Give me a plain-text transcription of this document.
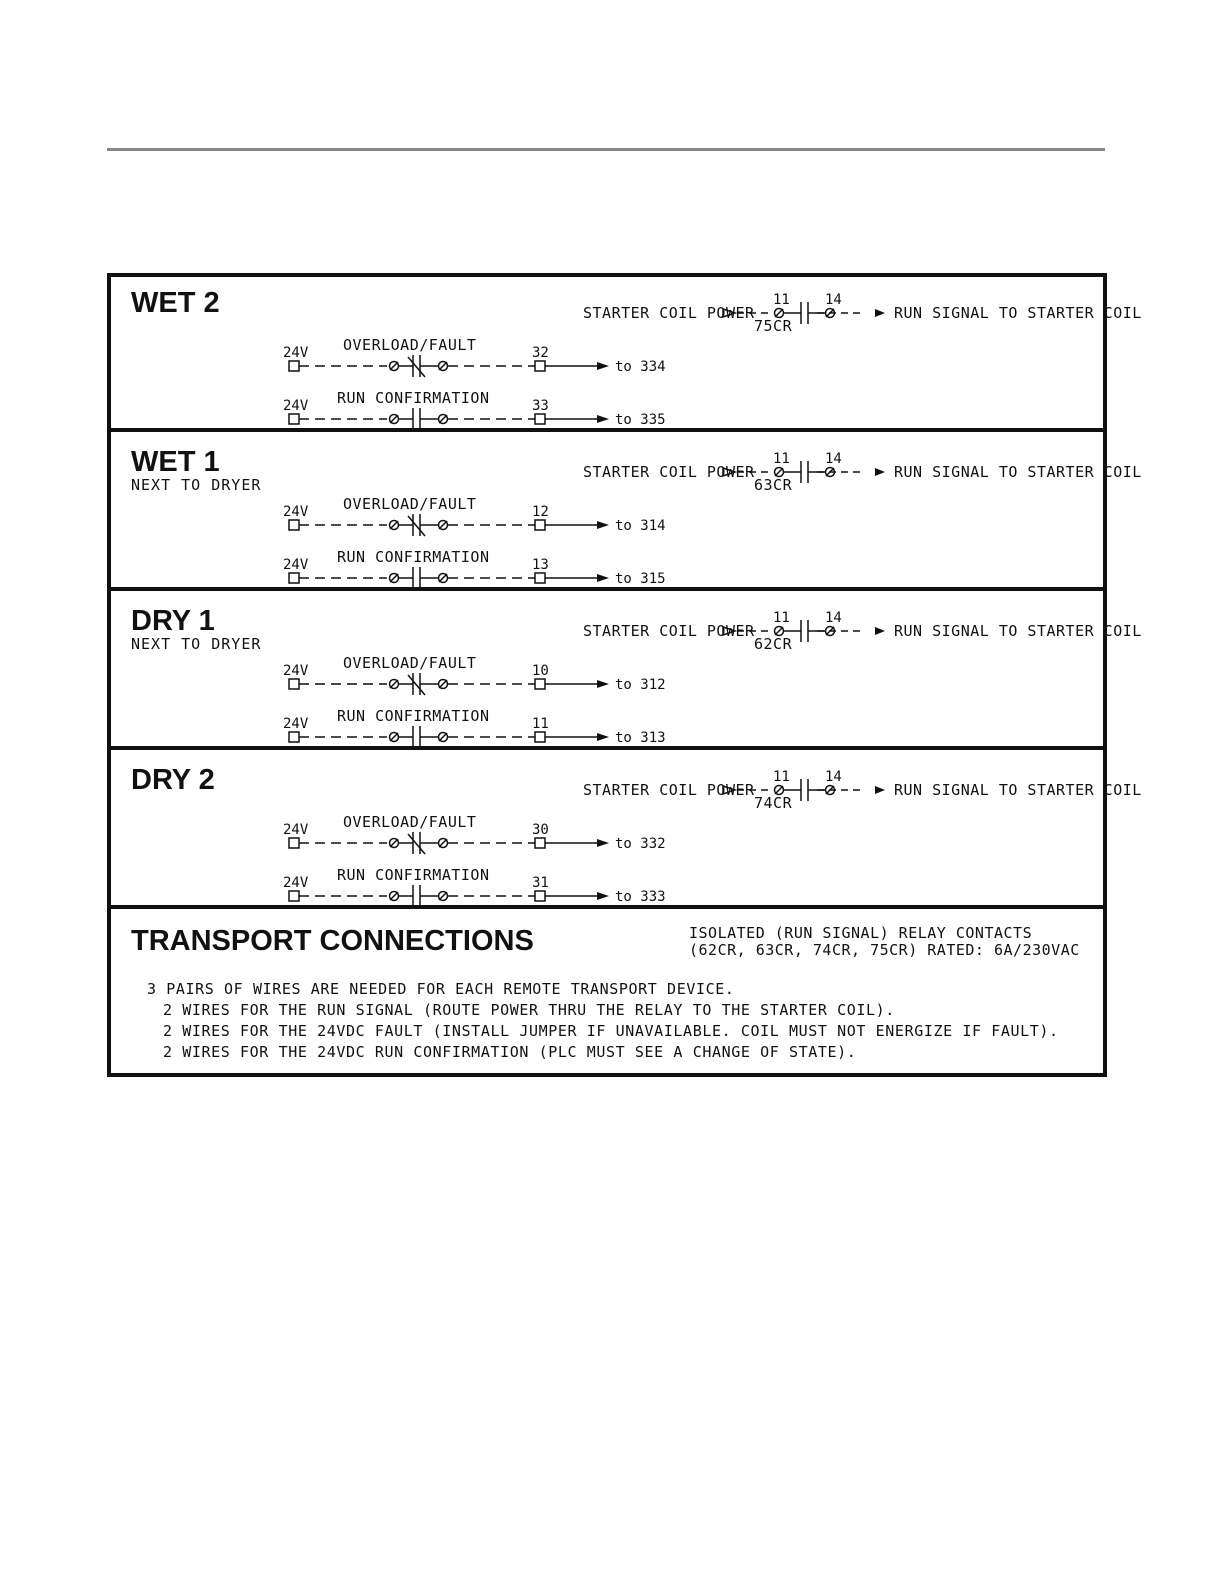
WET 2	STARTER COIL POWER
11	14
75CR
RUN SIGNAL TO STARTER COIL
24V OVERLOAD/FAULT	32
to 334
24V RUN CONFIRMATION	33
to 335
WET 1
NEXT TO DRYER
STARTER COIL POWER
11	14
63CR
RUN SIGNAL TO STARTER COIL
24V OVERLOAD/FAULT	12
to 314
24V RUN CONFIRMATION	13
to 315
DRY 1
NEXT TO DRYER
STARTER COIL POWER
11	14
62CR
RUN SIGNAL TO STARTER COIL
24V OVERLOAD/FAULT	10
to 312
24V RUN CONFIRMATION	11
to 313
DRY 2	STARTER COIL POWER
11	14
74CR
RUN SIGNAL TO STARTER COIL
24V OVERLOAD/FAULT	30
to 332
24V RUN CONFIRMATION	31
to 333
TRANSPORT CONNECTIONS	ISOLATED (RUN SIGNAL) RELAY CONTACTS
(62CR, 63CR, 74CR, 75CR) RATED: 6A/230VAC
3 PAIRS OF WIRES ARE NEEDED FOR EACH REMOTE TRANSPORT DEVICE.
2 WIRES FOR THE RUN SIGNAL (ROUTE POWER THRU THE RELAY TO THE STARTER COIL).
2 WIRES FOR THE 24VDC FAULT (INSTALL JUMPER IF UNAVAILABLE. COIL MUST NOT ENERGIZE IF FAULT).
2 WIRES FOR THE 24VDC RUN CONFIRMATION (PLC MUST SEE A CHANGE OF STATE).
